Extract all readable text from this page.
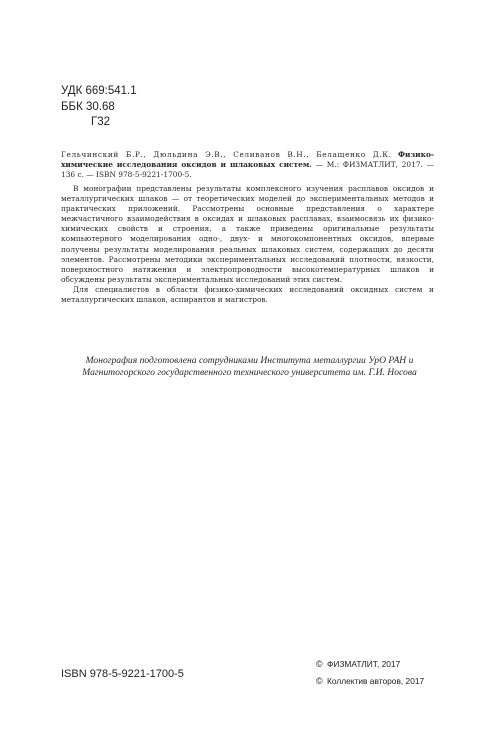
УДК 669:541.1
ББК 30.68

Г32
Гельчинский Б.Р., Дюльдина Э.В., Селиванов В.Н., Белащенко Д.К. Физико-химические исследования оксидов и шлаковых систем. — М.: ФИЗМАТЛИТ, 2017. — 136 с. — ISBN 978-5-9221-1700-5.

В монографии представлены результаты комплексного изучения расплавов оксидов и металлургических шлаков — от теоретических моделей до экспериментальных методов и практических приложений. Рассмотрены основные представления о характере межчастичного взаимодействия в оксидах и шлаковых расплавах, взаимосвязь их физико-химических свойств и строения, а также приведены оригинальные результаты компьютерного моделирования одно-, двух- и многокомпонентных оксидов, впервые получены результаты моделирования реальных шлаковых систем, содержащих до десяти элементов. Рассмотрены методики экспериментальных исследований плотности, вязкости, поверхностного натяжения и электропроводности высокотемпературных шлаков и обсуждены результаты экспериментальных исследований этих систем.

Для специалистов в области физико-химических исследований оксидных систем и металлургических шлаков, аспирантов и магистров.

Монография подготовлена сотрудниками Института металлургии УрО РАН и Магнитогорского государственного технического университета им. Г.И. Носова
ISBN 978-5-9221-1700-5
© ФИЗМАТЛИТ, 2017
© Коллектив авторов, 2017
